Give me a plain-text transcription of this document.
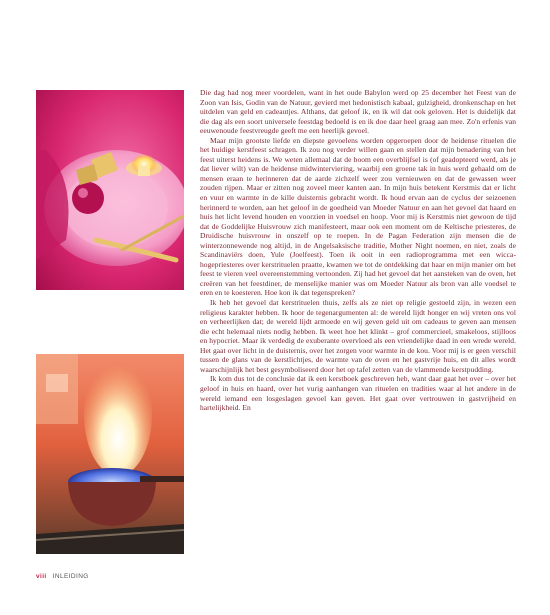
Die dag had nog meer voordelen, want in het oude Babylon werd op 25 december het Feest van de Zoon van Isis, Godin van de Natuur, gevierd met hedonistisch kabaal, gulzigheid, dronkenschap en het uitdelen van geld en cadeautjes. Althans, dat geloof ik, en ik wil dat ook geloven. Het is duidelijk dat die dag als een soort universele feestdag bedoeld is en ik doe daar heel graag aan mee. Zo'n erfenis van eeuwenoude feestvreugde geeft me een heerlijk gevoel.

Maar mijn grootste liefde en diepste gevoelens worden opgeroepen door de heidense rituelen die het huidige kerstfeest schragen. Ik zou nog verder willen gaan en stellen dat mijn benadering van het feest uiterst heidens is. We weten allemaal dat de boom een overblijfsel is (of geadopteerd werd, als je dat liever wilt) van de heidense midwinterviering, waarbij een groene tak in huis werd gehaald om de mensen eraan te herinneren dat de aarde zichzelf weer zou vernieuwen en dat de gewassen weer zouden rijpen. Maar er zitten nog zoveel meer kanten aan. In mijn huis betekent Kerstmis dat er licht en vuur en warmte in de kille duisternis gebracht wordt. Ik houd ervan aan de cyclus der seizoenen herinnerd te worden, aan het geloof in de goedheid van Moeder Natuur en aan het gevoel dat haard en huis het licht levend houden en voorzien in voedsel en hoop. Voor mij is Kerstmis niet gewoon de tijd dat de Goddelijke Huisvrouw zich manifesteert, maar ook een moment om de Keltische priesteres, de Druidische huisvrouw in onszelf op te roepen. In de Pagan Federation zijn mensen die de winterzonnewende nog altijd, in de Angelsaksische traditie, Mother Night noemen, en niet, zoals de Scandinaviërs doen, Yule (Joelfeest). Toen ik ooit in een radioprogramma met een wicca-hogepriesteres over kerstrituelen praatte, kwamen we tot de ontdekking dat haar en mijn manier om het feest te vieren veel overeenstemming vertoonden. Zij had het gevoel dat het aansteken van de oven, het creëren van het feestdiner, de menselijke manier was om Moeder Natuur als bron van alle voedsel te eren en te koesteren. Hoe kon ik dat tegenspreken?

Ik heb het gevoel dat kerstrituelen thuis, zelfs als ze niet op religie gestoeld zijn, in wezen een religieus karakter hebben. Ik hoor de tegenargumenten al: de wereld lijdt honger en wij vreten ons vol en verheerlijken dat; de wereld lijdt armoede en wij geven geld uit om cadeaus te geven aan mensen die echt helemaal niets nodig hebben. Ik weet hoe het klinkt – grof commercieel, smakeloos, stijlloos en hypocriet. Maar ik verdedig de exuberante overvloed als een vriendelijke daad in een wrede wereld. Het gaat over licht in de duisternis, over het zorgen voor warmte in de kou. Voor mij is er geen verschil tussen de glans van de kerstlichtjes, de warmte van de oven en het gastvrije huis, en dit alles wordt waarschijnlijk het best gesymboliseerd door het op tafel zetten van de vlammende kerstpudding.

Ik kom dus tot de conclusie dat ik een kerstboek geschreven heb, want daar gaat het over – over het geloof in huis en haard, over het vurig aanhangen van rituelen en tradities waar al het andere in de wereld iemand een losgeslagen gevoel kan geven. Het gaat over vertrouwen in gastvrijheid en hartelijkheid. En

viii INLEIDING
